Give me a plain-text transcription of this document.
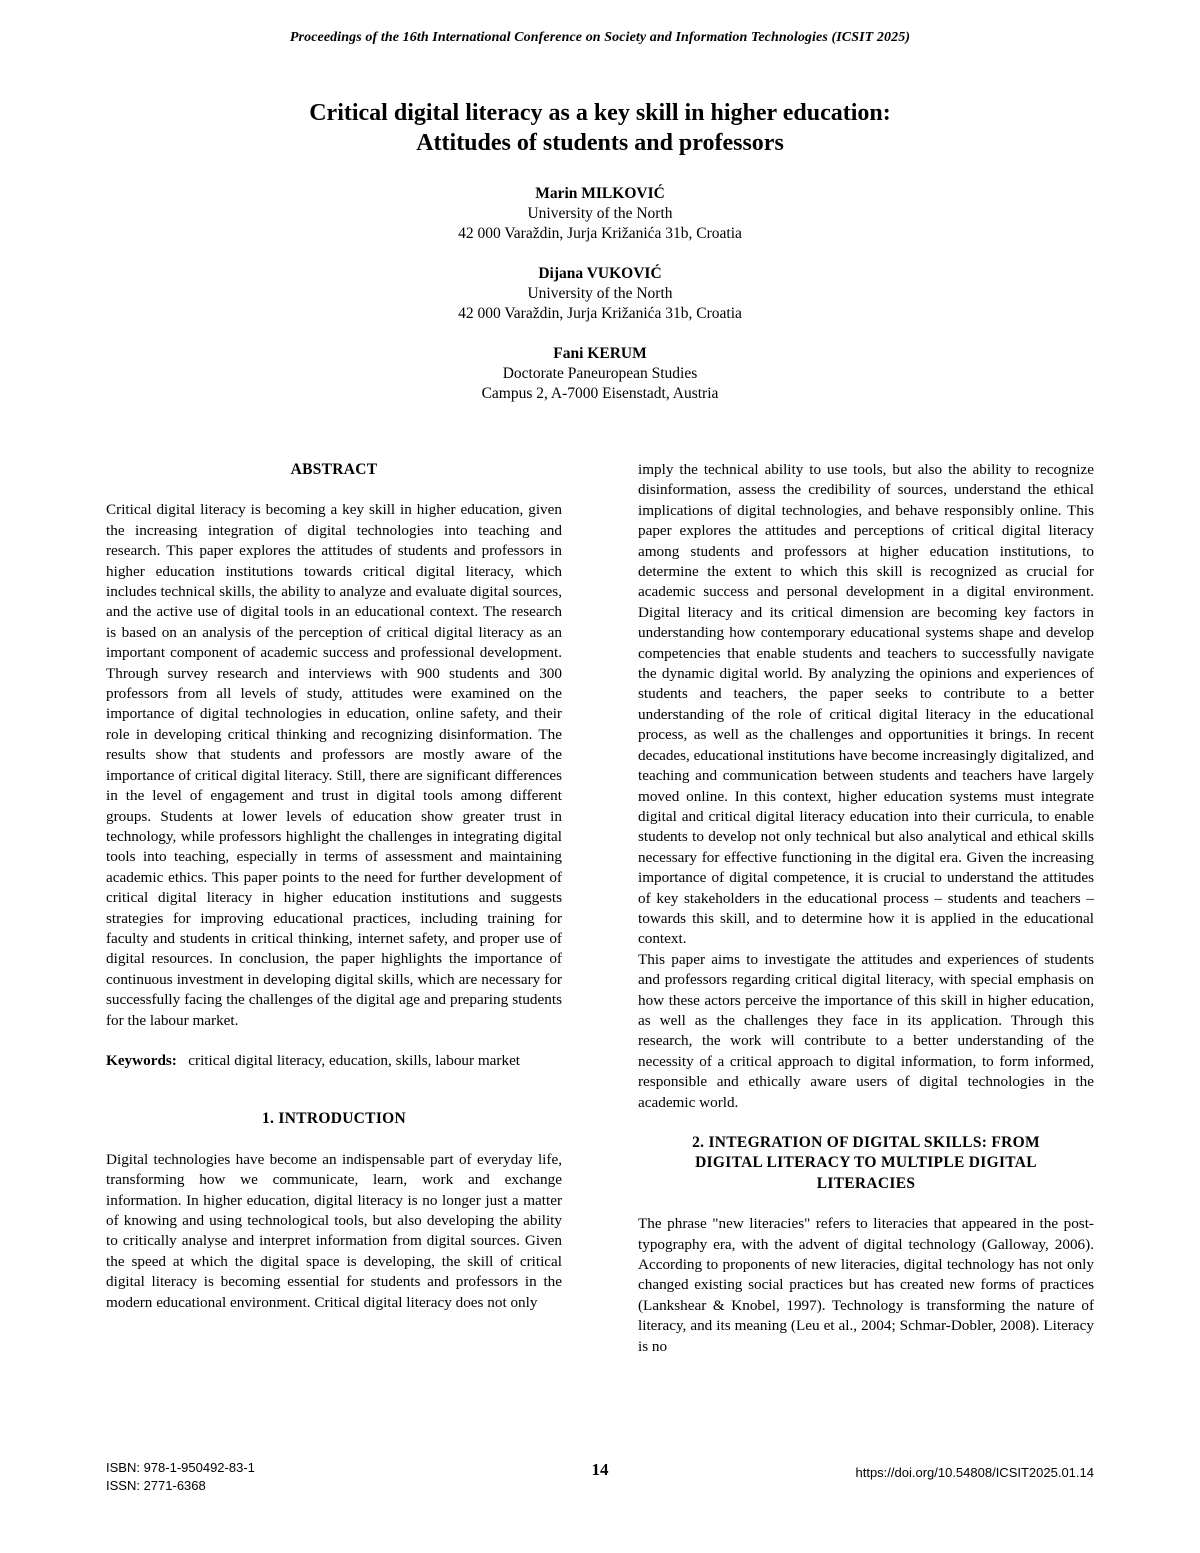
Proceedings of the 16th International Conference on Society and Information Technologies (ICSIT 2025)
Critical digital literacy as a key skill in higher education:
Attitudes of students and professors
Marin MILKOVIĆ
University of the North
42 000 Varaždin, Jurja Križanića 31b, Croatia
Dijana VUKOVIĆ
University of the North
42 000 Varaždin, Jurja Križanića 31b, Croatia
Fani KERUM
Doctorate Paneuropean Studies
Campus 2, A-7000 Eisenstadt, Austria
ABSTRACT

Critical digital literacy is becoming a key skill in higher education, given the increasing integration of digital technologies into teaching and research. This paper explores the attitudes of students and professors in higher education institutions towards critical digital literacy, which includes technical skills, the ability to analyze and evaluate digital sources, and the active use of digital tools in an educational context. The research is based on an analysis of the perception of critical digital literacy as an important component of academic success and professional development. Through survey research and interviews with 900 students and 300 professors from all levels of study, attitudes were examined on the importance of digital technologies in education, online safety, and their role in developing critical thinking and recognizing disinformation. The results show that students and professors are mostly aware of the importance of critical digital literacy. Still, there are significant differences in the level of engagement and trust in digital tools among different groups. Students at lower levels of education show greater trust in technology, while professors highlight the challenges in integrating digital tools into teaching, especially in terms of assessment and maintaining academic ethics. This paper points to the need for further development of critical digital literacy in higher education institutions and suggests strategies for improving educational practices, including training for faculty and students in critical thinking, internet safety, and proper use of digital resources. In conclusion, the paper highlights the importance of continuous investment in developing digital skills, which are necessary for successfully facing the challenges of the digital age and preparing students for the labour market.

Keywords: critical digital literacy, education, skills, labour market

1. INTRODUCTION

Digital technologies have become an indispensable part of everyday life, transforming how we communicate, learn, work and exchange information. In higher education, digital literacy is no longer just a matter of knowing and using technological tools, but also developing the ability to critically analyse and interpret information from digital sources. Given the speed at which the digital space is developing, the skill of critical digital literacy is becoming essential for students and professors in the modern educational environment. Critical digital literacy does not only

imply the technical ability to use tools, but also the ability to recognize disinformation, assess the credibility of sources, understand the ethical implications of digital technologies, and behave responsibly online. This paper explores the attitudes and perceptions of critical digital literacy among students and professors at higher education institutions, to determine the extent to which this skill is recognized as crucial for academic success and personal development in a digital environment. Digital literacy and its critical dimension are becoming key factors in understanding how contemporary educational systems shape and develop competencies that enable students and teachers to successfully navigate the dynamic digital world. By analyzing the opinions and experiences of students and teachers, the paper seeks to contribute to a better understanding of the role of critical digital literacy in the educational process, as well as the challenges and opportunities it brings. In recent decades, educational institutions have become increasingly digitalized, and teaching and communication between students and teachers have largely moved online. In this context, higher education systems must integrate digital and critical digital literacy education into their curricula, to enable students to develop not only technical but also analytical and ethical skills necessary for effective functioning in the digital era. Given the increasing importance of digital competence, it is crucial to understand the attitudes of key stakeholders in the educational process – students and teachers – towards this skill, and to determine how it is applied in the educational context.

This paper aims to investigate the attitudes and experiences of students and professors regarding critical digital literacy, with special emphasis on how these actors perceive the importance of this skill in higher education, as well as the challenges they face in its application. Through this research, the work will contribute to a better understanding of the necessity of a critical approach to digital information, to form informed, responsible and ethically aware users of digital technologies in the academic world.

2. INTEGRATION OF DIGITAL SKILLS: FROM
DIGITAL LITERACY TO MULTIPLE DIGITAL
LITERACIES

The phrase "new literacies" refers to literacies that appeared in the post-typography era, with the advent of digital technology (Galloway, 2006). According to proponents of new literacies, digital technology has not only changed existing social practices but has created new forms of practices (Lankshear & Knobel, 1997). Technology is transforming the nature of literacy, and its meaning (Leu et al., 2004; Schmar-Dobler, 2008). Literacy is no

ISBN: 978-1-950492-83-1
ISSN: 2771-6368
14	https://doi.org/10.54808/ICSIT2025.01.14
